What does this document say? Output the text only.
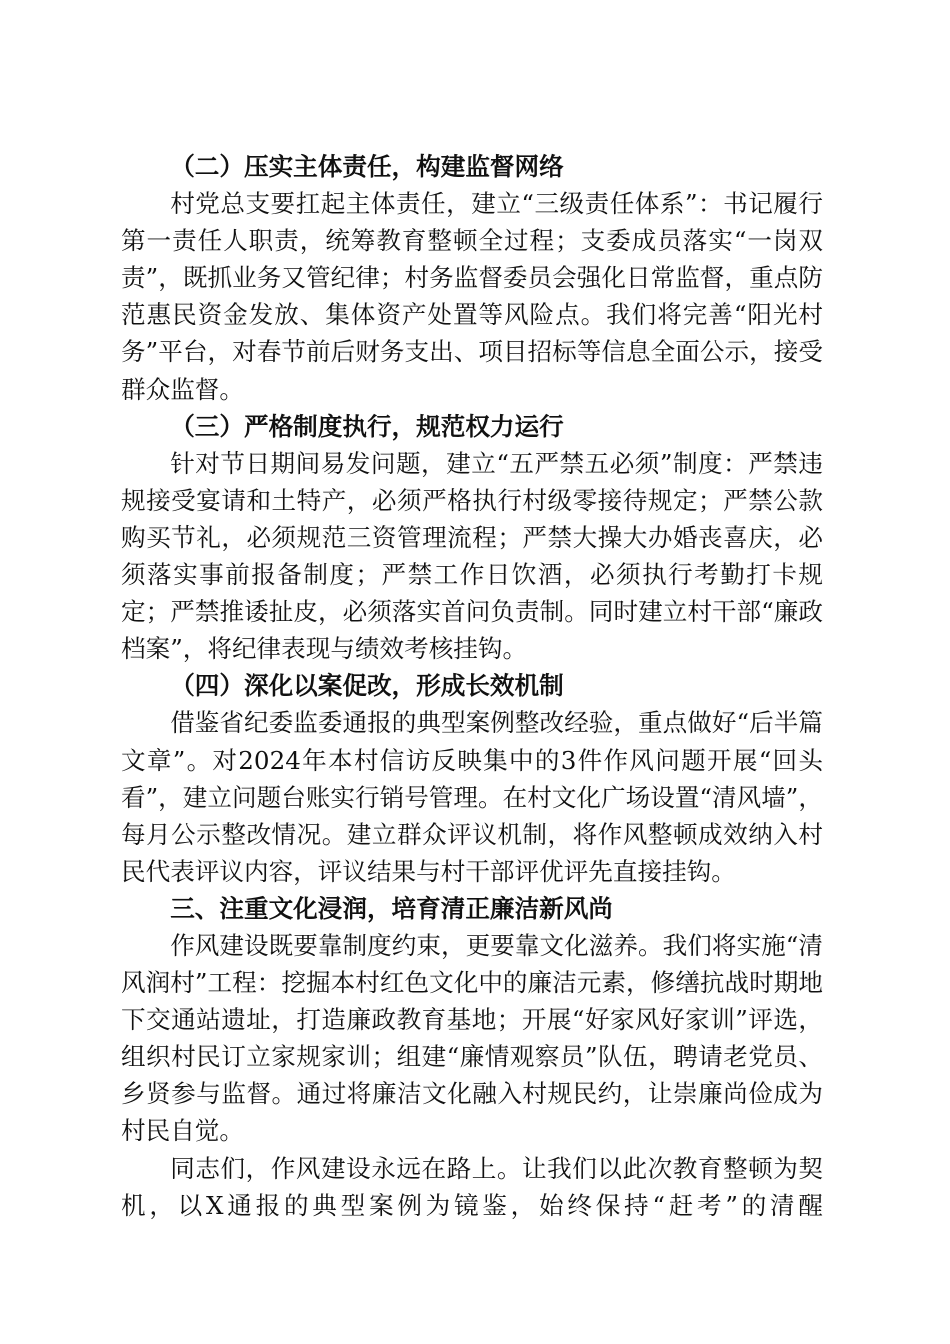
（二）压实主体责任，构建监督网络

村党总支要扛起主体责任，建立“三级责任体系”：书记履行第一责任人职责，统筹教育整顿全过程；支委成员落实“一岗双责”，既抓业务又管纪律；村务监督委员会强化日常监督，重点防范惠民资金发放、集体资产处置等风险点。我们将完善“阳光村务”平台，对春节前后财务支出、项目招标等信息全面公示，接受群众监督。

（三）严格制度执行，规范权力运行

针对节日期间易发问题，建立“五严禁五必须”制度：严禁违规接受宴请和土特产，必须严格执行村级零接待规定；严禁公款购买节礼，必须规范三资管理流程；严禁大操大办婚丧喜庆，必须落实事前报备制度；严禁工作日饮酒，必须执行考勤打卡规定；严禁推诿扯皮，必须落实首问负责制。同时建立村干部“廉政档案”，将纪律表现与绩效考核挂钩。

（四）深化以案促改，形成长效机制

借鉴省纪委监委通报的典型案例整改经验，重点做好“后半篇文章”。对2024年本村信访反映集中的3件作风问题开展“回头看”，建立问题台账实行销号管理。在村文化广场设置“清风墙”，每月公示整改情况。建立群众评议机制，将作风整顿成效纳入村民代表评议内容，评议结果与村干部评优评先直接挂钩。

三、注重文化浸润，培育清正廉洁新风尚

作风建设既要靠制度约束，更要靠文化滋养。我们将实施“清风润村”工程：挖掘本村红色文化中的廉洁元素，修缮抗战时期地下交通站遗址，打造廉政教育基地；开展“好家风好家训”评选，组织村民订立家规家训；组建“廉情观察员”队伍，聘请老党员、乡贤参与监督。通过将廉洁文化融入村规民约，让崇廉尚俭成为村民自觉。

同志们，作风建设永远在路上。让我们以此次教育整顿为契机，以X通报的典型案例为镜鉴，始终保持“赶考”的清醒
